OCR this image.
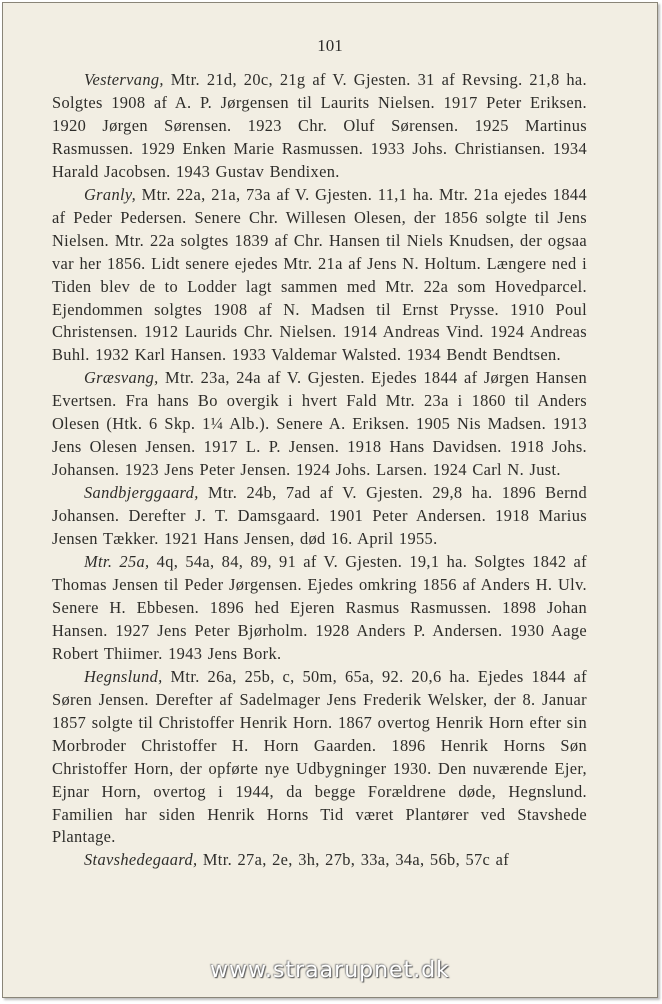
101

Vestervang, Mtr. 21d, 20c, 21g af V. Gjesten. 31 af Revsing. 21,8 ha. Solgtes 1908 af A. P. Jørgensen til Laurits Nielsen. 1917 Peter Eriksen. 1920 Jørgen Sørensen. 1923 Chr. Oluf Sørensen. 1925 Martinus Rasmussen. 1929 Enken Marie Rasmussen. 1933 Johs. Christiansen. 1934 Harald Jacobsen. 1943 Gustav Bendixen.

Granly, Mtr. 22a, 21a, 73a af V. Gjesten. 11,1 ha. Mtr. 21a ejedes 1844 af Peder Pedersen. Senere Chr. Willesen Olesen, der 1856 solgte til Jens Nielsen. Mtr. 22a solgtes 1839 af Chr. Hansen til Niels Knudsen, der ogsaa var her 1856. Lidt senere ejedes Mtr. 21a af Jens N. Holtum. Længere ned i Tiden blev de to Lodder lagt sammen med Mtr. 22a som Hovedparcel. Ejendommen solgtes 1908 af N. Madsen til Ernst Prysse. 1910 Poul Christensen. 1912 Laurids Chr. Nielsen. 1914 Andreas Vind. 1924 Andreas Buhl. 1932 Karl Hansen. 1933 Valdemar Walsted. 1934 Bendt Bendtsen.

Græsvang, Mtr. 23a, 24a af V. Gjesten. Ejedes 1844 af Jørgen Hansen Evertsen. Fra hans Bo overgik i hvert Fald Mtr. 23a i 1860 til Anders Olesen (Htk. 6 Skp. 1¼ Alb.). Senere A. Eriksen. 1905 Nis Madsen. 1913 Jens Olesen Jensen. 1917 L. P. Jensen. 1918 Hans Davidsen. 1918 Johs. Johansen. 1923 Jens Peter Jensen. 1924 Johs. Larsen. 1924 Carl N. Just.

Sandbjerggaard, Mtr. 24b, 7ad af V. Gjesten. 29,8 ha. 1896 Bernd Johansen. Derefter J. T. Damsgaard. 1901 Peter Andersen. 1918 Marius Jensen Tækker. 1921 Hans Jensen, død 16. April 1955.

Mtr. 25a, 4q, 54a, 84, 89, 91 af V. Gjesten. 19,1 ha. Solgtes 1842 af Thomas Jensen til Peder Jørgensen. Ejedes omkring 1856 af Anders H. Ulv. Senere H. Ebbesen. 1896 hed Ejeren Rasmus Rasmussen. 1898 Johan Hansen. 1927 Jens Peter Bjørholm. 1928 Anders P. Andersen. 1930 Aage Robert Thiimer. 1943 Jens Bork.

Hegnslund, Mtr. 26a, 25b, c, 50m, 65a, 92. 20,6 ha. Ejedes 1844 af Søren Jensen. Derefter af Sadelmager Jens Frederik Welsker, der 8. Januar 1857 solgte til Christoffer Henrik Horn. 1867 overtog Henrik Horn efter sin Morbroder Christoffer H. Horn Gaarden. 1896 Henrik Horns Søn Christoffer Horn, der opførte nye Udbygninger 1930. Den nuværende Ejer, Ejnar Horn, overtog i 1944, da begge Forældrene døde, Hegnslund. Familien har siden Henrik Horns Tid været Plantører ved Stavshede Plantage.

Stavshedegaard, Mtr. 27a, 2e, 3h, 27b, 33a, 34a, 56b, 57c af

www.straarupnet.dk
